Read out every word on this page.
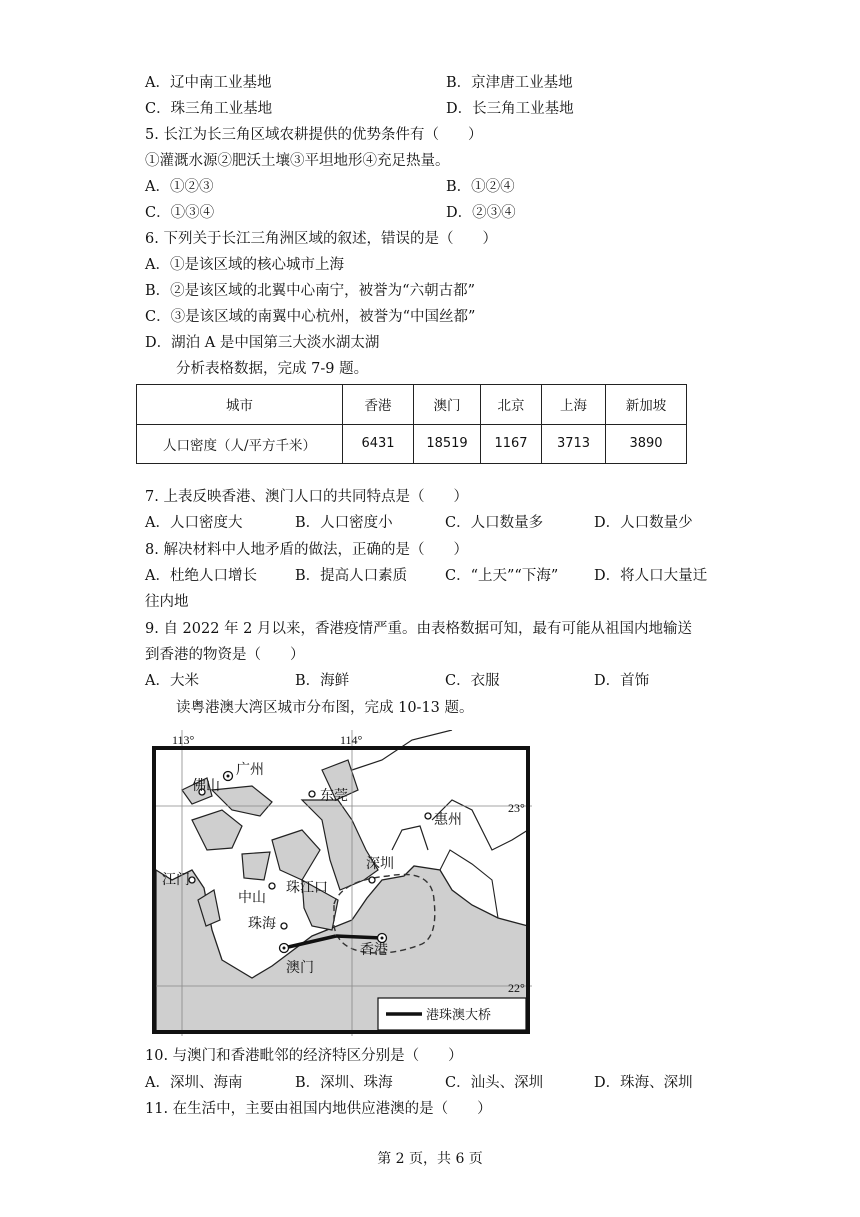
A．辽中南工业基地	B．京津唐工业基地
C．珠三角工业基地	D．长三角工业基地
5. 长江为长三角区域农耕提供的优势条件有（　　）
①灌溉水源②肥沃土壤③平坦地形④充足热量。
A．①②③	B．①②④
C．①③④	D．②③④
6. 下列关于长江三角洲区域的叙述，错误的是（　　）
A．①是该区域的核心城市上海
B．②是该区域的北翼中心南宁，被誉为“六朝古都”
C．③是该区域的南翼中心杭州，被誉为“中国丝都”
D．湖泊 A 是中国第三大淡水湖太湖
分析表格数据，完成 7-9 题。
城市	香港	澳门	北京	上海	新加坡
人口密度（人/平方千米）	6431	18519	1167	3713	3890
7. 上表反映香港、澳门人口的共同特点是（　　）
A．人口密度大	B．人口密度小	C．人口数量多	D．人口数量少
8. 解决材料中人地矛盾的做法，正确的是（　　）
A．杜绝人口增长	B．提高人口素质	C．“上天”“下海” D．将人口大量迁
往内地
9. 自 2022 年 2 月以来，香港疫情严重。由表格数据可知，最有可能从祖国内地输送
到香港的物资是（　　）
A．大米	B．海鲜	C．衣服	D．首饰
读粤港澳大湾区城市分布图，完成 10-13 题。
113°	114°
23°
22°
广州
佛山
东莞
惠州
深圳
江门
中山
珠江口
珠海
澳门
香港
港珠澳大桥
10. 与澳门和香港毗邻的经济特区分别是（　　）
A．深圳、海南	B．深圳、珠海	C．汕头、深圳	D．珠海、深圳
11. 在生活中，主要由祖国内地供应港澳的是（　　）
第 2 页，共 6 页
